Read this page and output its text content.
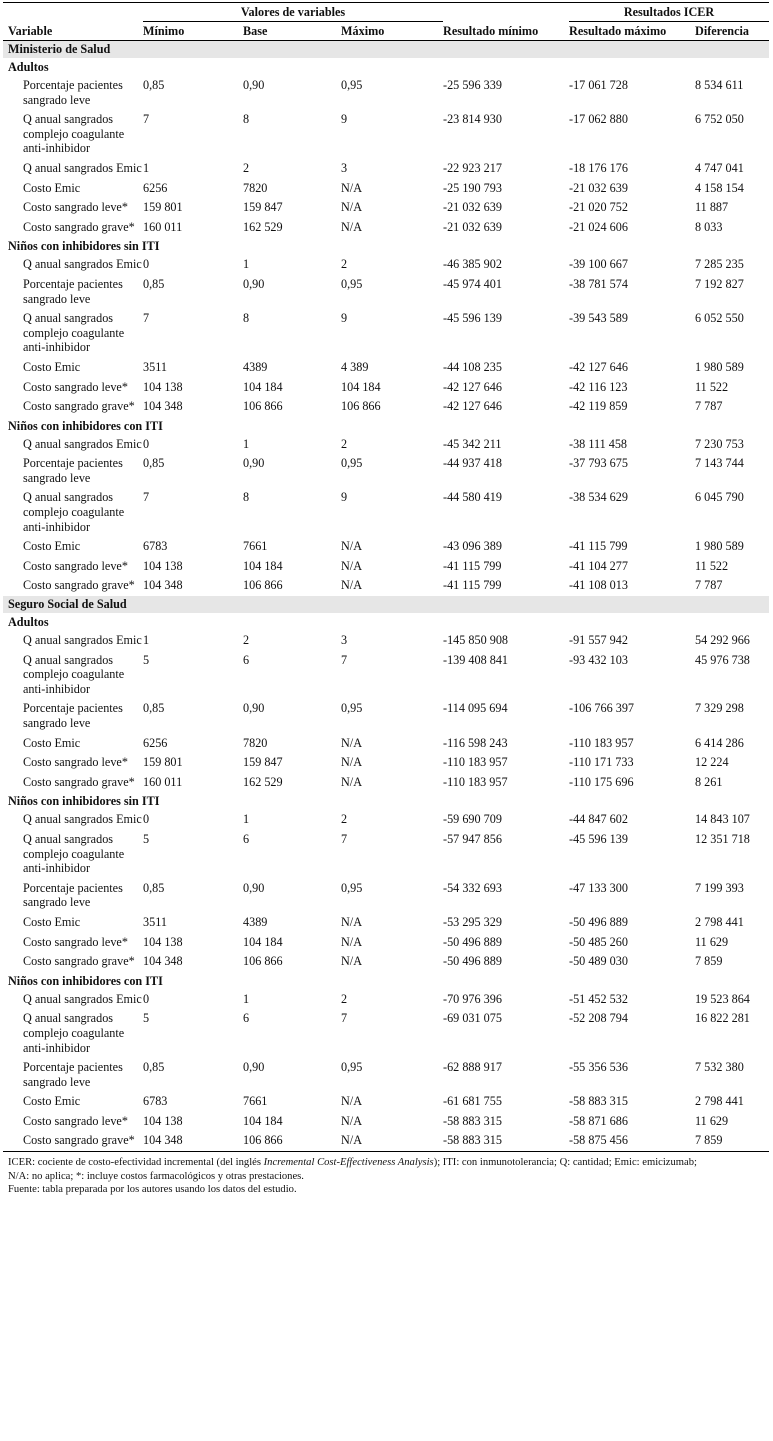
	Valores de variables				Resultados ICER	
Variable	Mínimo	Base	Máximo	Resultado mínimo	Resultado máximo	Diferencia
Ministerio de Salud						
Adultos						
Porcentaje pacientes sangrado leve	0,85	0,90	0,95	-25 596 339	-17 061 728	8 534 611
Q anual sangrados complejo coagulante anti-inhibidor	7	8	9	-23 814 930	-17 062 880	6 752 050
Q anual sangrados Emic	1	2	3	-22 923 217	-18 176 176	4 747 041
Costo Emic	6256	7820	N/A	-25 190 793	-21 032 639	4 158 154
Costo sangrado leve*	159 801	159 847	N/A	-21 032 639	-21 020 752	11 887
Costo sangrado grave*	160 011	162 529	N/A	-21 032 639	-21 024 606	8 033
Niños con inhibidores sin ITI						
Q anual sangrados Emic	0	1	2	-46 385 902	-39 100 667	7 285 235
Porcentaje pacientes sangrado leve	0,85	0,90	0,95	-45 974 401	-38 781 574	7 192 827
Q anual sangrados complejo coagulante anti-inhibidor	7	8	9	-45 596 139	-39 543 589	6 052 550
Costo Emic	3511	4389	4 389	-44 108 235	-42 127 646	1 980 589
Costo sangrado leve*	104 138	104 184	104 184	-42 127 646	-42 116 123	11 522
Costo sangrado grave*	104 348	106 866	106 866	-42 127 646	-42 119 859	7 787
Niños con inhibidores con ITI						
Q anual sangrados Emic	0	1	2	-45 342 211	-38 111 458	7 230 753
Porcentaje pacientes sangrado leve	0,85	0,90	0,95	-44 937 418	-37 793 675	7 143 744
Q anual sangrados complejo coagulante anti-inhibidor	7	8	9	-44 580 419	-38 534 629	6 045 790
Costo Emic	6783	7661	N/A	-43 096 389	-41 115 799	1 980 589
Costo sangrado leve*	104 138	104 184	N/A	-41 115 799	-41 104 277	11 522
Costo sangrado grave*	104 348	106 866	N/A	-41 115 799	-41 108 013	7 787
Seguro Social de Salud						
Adultos						
Q anual sangrados Emic	1	2	3	-145 850 908	-91 557 942	54 292 966
Q anual sangrados complejo coagulante anti-inhibidor	5	6	7	-139 408 841	-93 432 103	45 976 738
Porcentaje pacientes sangrado leve	0,85	0,90	0,95	-114 095 694	-106 766 397	7 329 298
Costo Emic	6256	7820	N/A	-116 598 243	-110 183 957	6 414 286
Costo sangrado leve*	159 801	159 847	N/A	-110 183 957	-110 171 733	12 224
Costo sangrado grave*	160 011	162 529	N/A	-110 183 957	-110 175 696	8 261
Niños con inhibidores sin ITI						
Q anual sangrados Emic	0	1	2	-59 690 709	-44 847 602	14 843 107
Q anual sangrados complejo coagulante anti-inhibidor	5	6	7	-57 947 856	-45 596 139	12 351 718
Porcentaje pacientes sangrado leve	0,85	0,90	0,95	-54 332 693	-47 133 300	7 199 393
Costo Emic	3511	4389	N/A	-53 295 329	-50 496 889	2 798 441
Costo sangrado leve*	104 138	104 184	N/A	-50 496 889	-50 485 260	11 629
Costo sangrado grave*	104 348	106 866	N/A	-50 496 889	-50 489 030	7 859
Niños con inhibidores con ITI						
Q anual sangrados Emic	0	1	2	-70 976 396	-51 452 532	19 523 864
Q anual sangrados complejo coagulante anti-inhibidor	5	6	7	-69 031 075	-52 208 794	16 822 281
Porcentaje pacientes sangrado leve	0,85	0,90	0,95	-62 888 917	-55 356 536	7 532 380
Costo Emic	6783	7661	N/A	-61 681 755	-58 883 315	2 798 441
Costo sangrado leve*	104 138	104 184	N/A	-58 883 315	-58 871 686	11 629
Costo sangrado grave*	104 348	106 866	N/A	-58 883 315	-58 875 456	7 859
ICER: cociente de costo-efectividad incremental (del inglés Incremental Cost-Effectiveness Analysis); ITI: con inmunotolerancia; Q: cantidad; Emic: emicizumab;
N/A: no aplica; *: incluye costos farmacológicos y otras prestaciones.
Fuente: tabla preparada por los autores usando los datos del estudio.
